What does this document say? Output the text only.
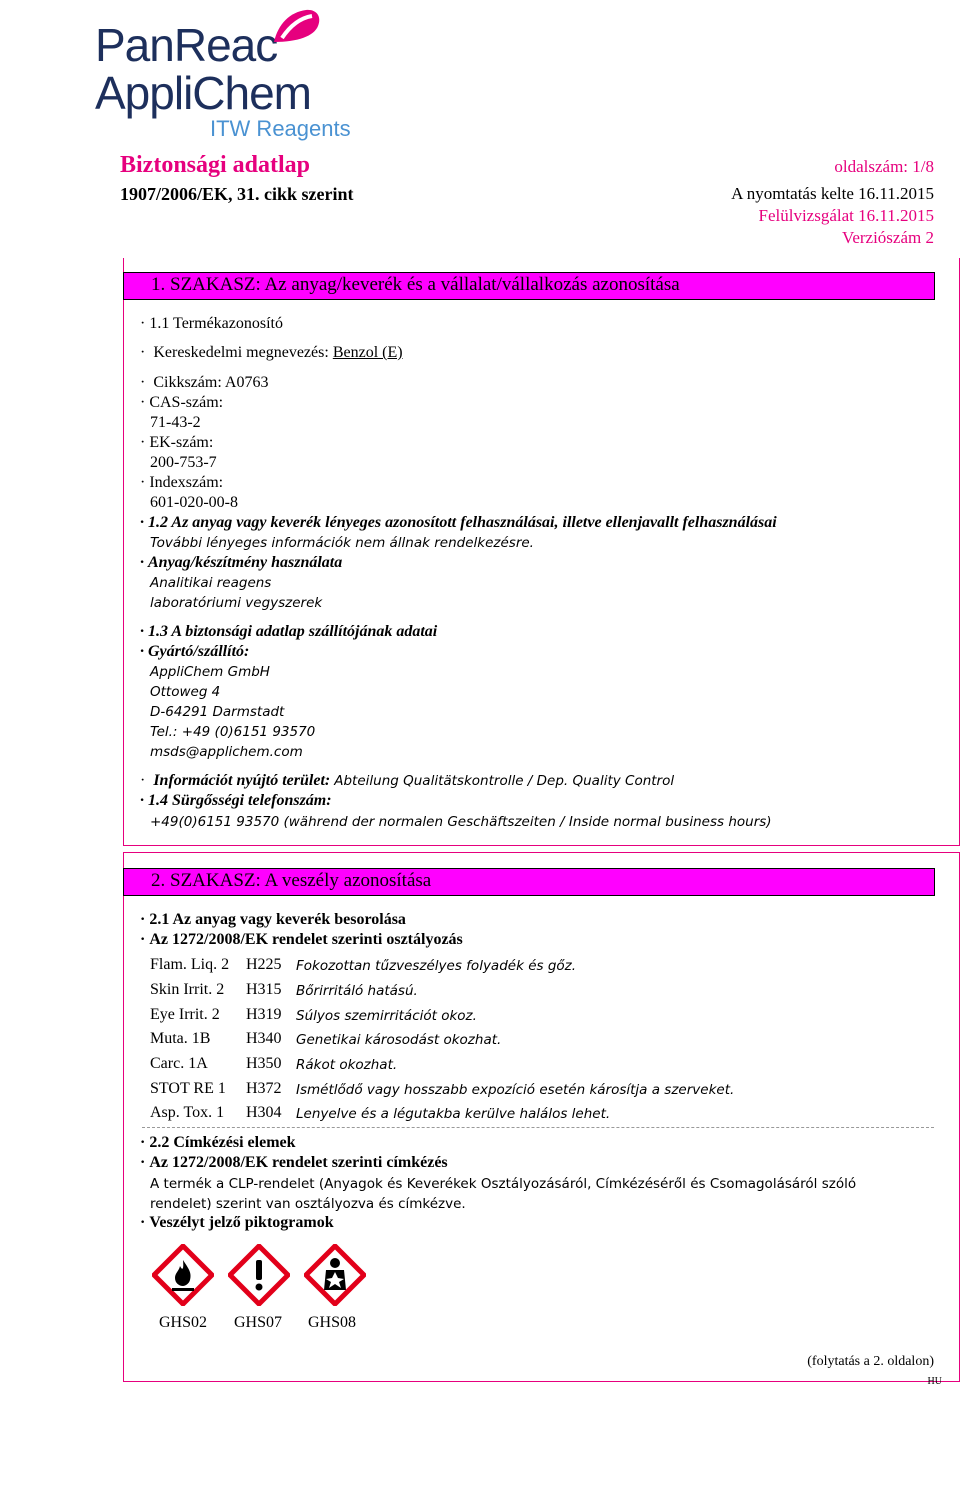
PanReac
AppliChem
ITW Reagents
Biztonsági adatlap
1907/2006/EK, 31. cikk szerint
oldalszám: 1/8
A nyomtatás kelte 16.11.2015
Felülvizsgálat 16.11.2015
Verziószám 2
1. SZAKASZ: Az anyag/keverék és a vállalat/vállalkozás azonosítása
· 1.1 Termékazonosító
· Kereskedelmi megnevezés: Benzol (E)
· Cikkszám: A0763
· CAS-szám:
71-43-2
· EK-szám:
200-753-7
· Indexszám:
601-020-00-8
· 1.2 Az anyag vagy keverék lényeges azonosított felhasználásai, illetve ellenjavallt felhasználásai
További lényeges információk nem állnak rendelkezésre.
· Anyag/készítmény használata
Analitikai reagens
laboratóriumi vegyszerek
· 1.3 A biztonsági adatlap szállítójának adatai
· Gyártó/szállító:
AppliChem GmbH
Ottoweg 4
D-64291 Darmstadt
Tel.: +49 (0)6151 93570
msds@applichem.com
· Információt nyújtó terület: Abteilung Qualitätskontrolle / Dep. Quality Control
· 1.4 Sürgősségi telefonszám:
+49(0)6151 93570 (während der normalen Geschäftszeiten / Inside normal business hours)
2. SZAKASZ: A veszély azonosítása
· 2.1 Az anyag vagy keverék besorolása
· Az 1272/2008/EK rendelet szerinti osztályozás
Flam. Liq. 2 H225 Fokozottan tűzveszélyes folyadék és gőz.
Skin Irrit. 2 H315 Bőrirritáló hatású.
Eye Irrit. 2 H319 Súlyos szemirritációt okoz.
Muta. 1B H340 Genetikai károsodást okozhat.
Carc. 1A H350 Rákot okozhat.
STOT RE 1 H372 Ismétlődő vagy hosszabb expozíció esetén károsítja a szerveket.
Asp. Tox. 1 H304 Lenyelve és a légutakba kerülve halálos lehet.
· 2.2 Címkézési elemek
· Az 1272/2008/EK rendelet szerinti címkézés
A termék a CLP-rendelet (Anyagok és Keverékek Osztályozásáról, Címkézéséről és Csomagolásáról szóló
rendelet) szerint van osztályozva és címkézve.
· Veszélyt jelző piktogramok
GHS02 GHS07 GHS08
(folytatás a 2. oldalon)
HU
